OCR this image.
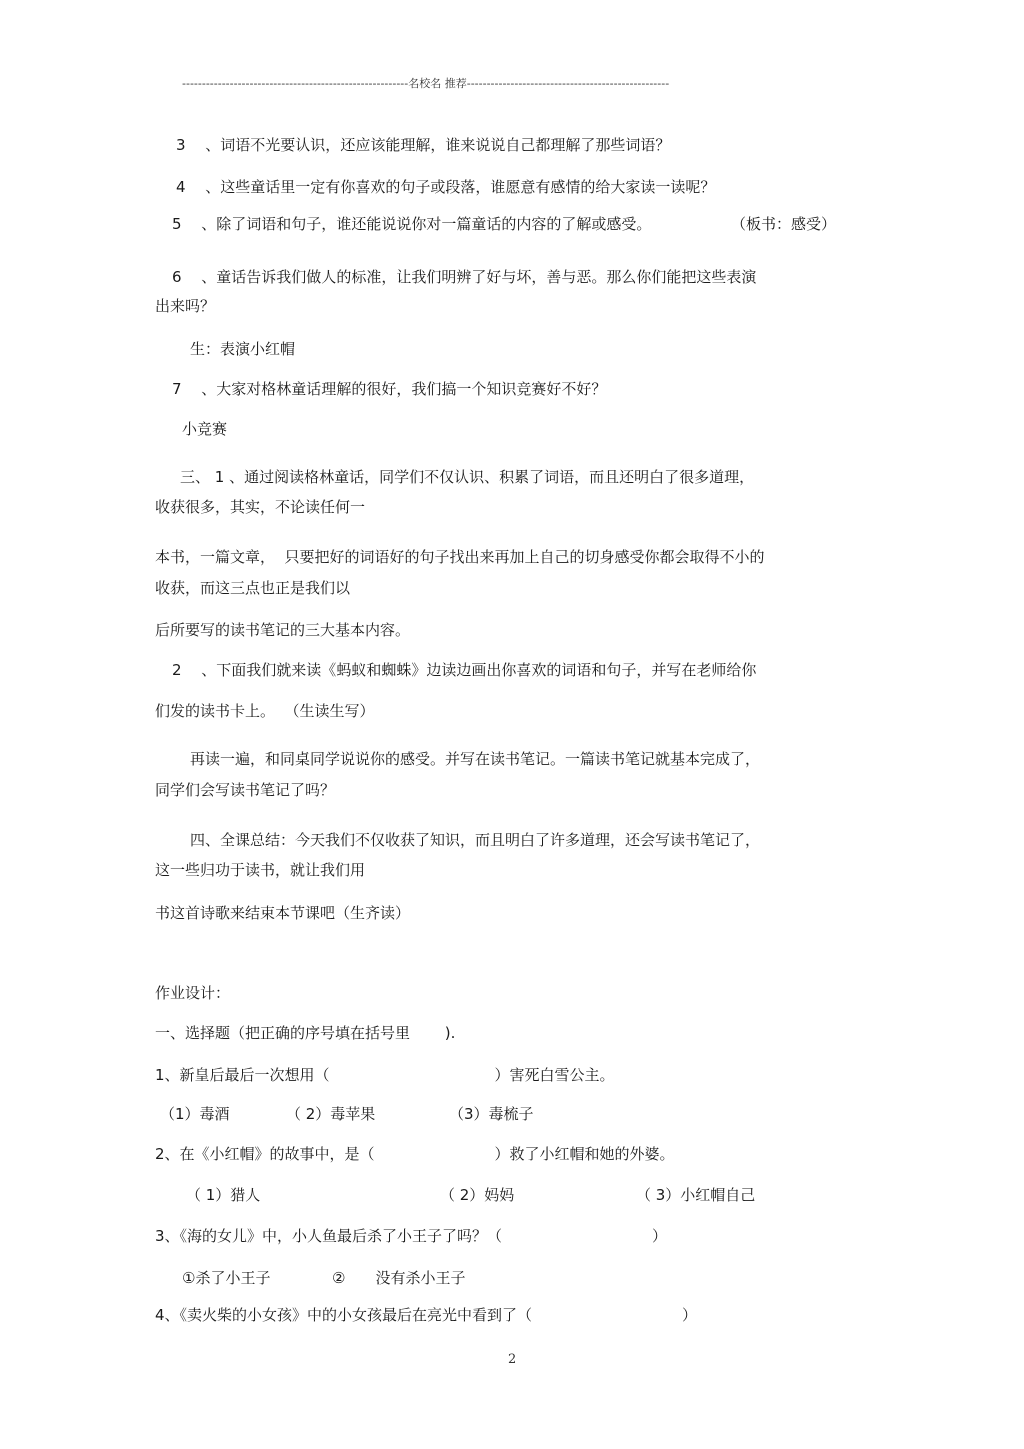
---------------------------------------------------------名校名 推荐---------------------------------------------------
3　 、词语不光要认识，还应该能理解，谁来说说自己都理解了那些词语？
4　 、这些童话里一定有你喜欢的句子或段落，谁愿意有感情的给大家读一读呢？
5　 、除了词语和句子，谁还能说说你对一篇童话的内容的了解或感受。	（板书：感受）
6　 、童话告诉我们做人的标准，让我们明辨了好与坏，善与恶。那么你们能把这些表演
出来吗？
生：表演小红帽
7　 、大家对格林童话理解的很好，我们搞一个知识竞赛好不好？
小竞赛
三、 1 、通过阅读格林童话，同学们不仅认识、积累了词语，而且还明白了很多道理，
收获很多，其实，不论读任何一
本书，一篇文章，  只要把好的词语好的句子找出来再加上自己的切身感受你都会取得不小的
收获，而这三点也正是我们以
后所要写的读书笔记的三大基本内容。
2　 、下面我们就来读《蚂蚁和蜘蛛》边读边画出你喜欢的词语和句子，并写在老师给你
们发的读书卡上。  （生读生写）
再读一遍，和同桌同学说说你的感受。并写在读书笔记。一篇读书笔记就基本完成了，
同学们会写读书笔记了吗？
四、全课总结：今天我们不仅收获了知识，而且明白了许多道理，还会写读书笔记了，
这一些归功于读书，就让我们用
书这首诗歌来结束本节课吧（生齐读）
作业设计：
一、选择题（把正确的序号填在括号里　　 ).
1、新皇后最后一次想用（　　　　　　　　　　　）害死白雪公主。
（1）毒酒	（ 2）毒苹果	（3）毒梳子
2、在《小红帽》的故事中，是（　　　　　　　　）救了小红帽和她的外婆。
（ 1）猎人	（ 2）妈妈	（ 3）小红帽自己
3、《海的女儿》中，小人鱼最后杀了小王子了吗？（　　　　　　　　　　）
①杀了小王子	②　　没有杀小王子
4、《卖火柴的小女孩》中的小女孩最后在亮光中看到了（　　　　　　　　　　）
2
